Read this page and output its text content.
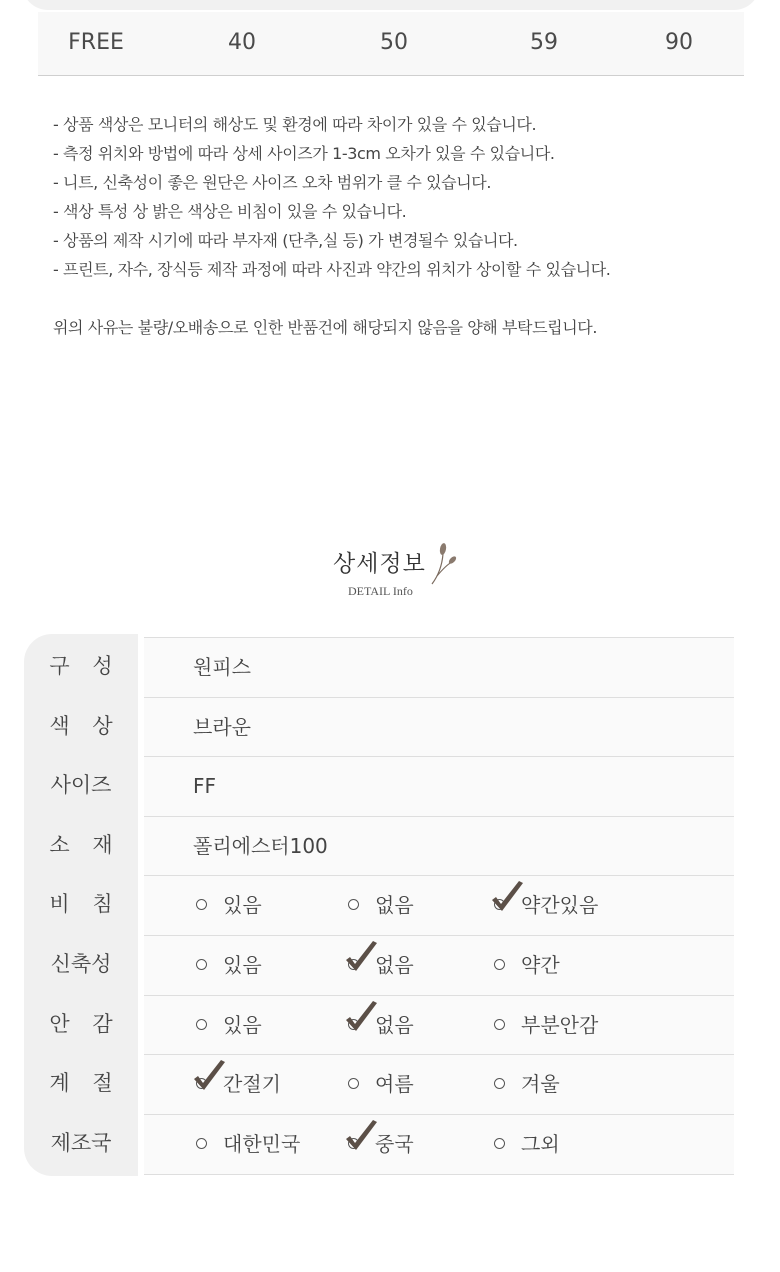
FREE	40	50	59	90
- 상품 색상은 모니터의 해상도 및 환경에 따라 차이가 있을 수 있습니다.
- 측정 위치와 방법에 따라 상세 사이즈가 1-3cm 오차가 있을 수 있습니다.
- 니트, 신축성이 좋은 원단은 사이즈 오차 범위가 클 수 있습니다.
- 색상 특성 상 밝은 색상은 비침이 있을 수 있습니다.
- 상품의 제작 시기에 따라 부자재 (단추,실 등) 가 변경될수 있습니다.
- 프린트, 자수, 장식등 제작 과정에 따라 사진과 약간의 위치가 상이할 수 있습니다.
위의 사유는 불량/오배송으로 인한 반품건에 해당되지 않음을 양해 부탁드립니다.
상세정보
DETAIL Info
구 성	원피스
색 상	브라운
사이즈	FF
소 재	폴리에스터100
비 침	있음	없음	약간있음
신축성	있음	없음	약간
안 감	있음	없음	부분안감
계 절	간절기	여름	겨울
제조국	대한민국	중국	그외
